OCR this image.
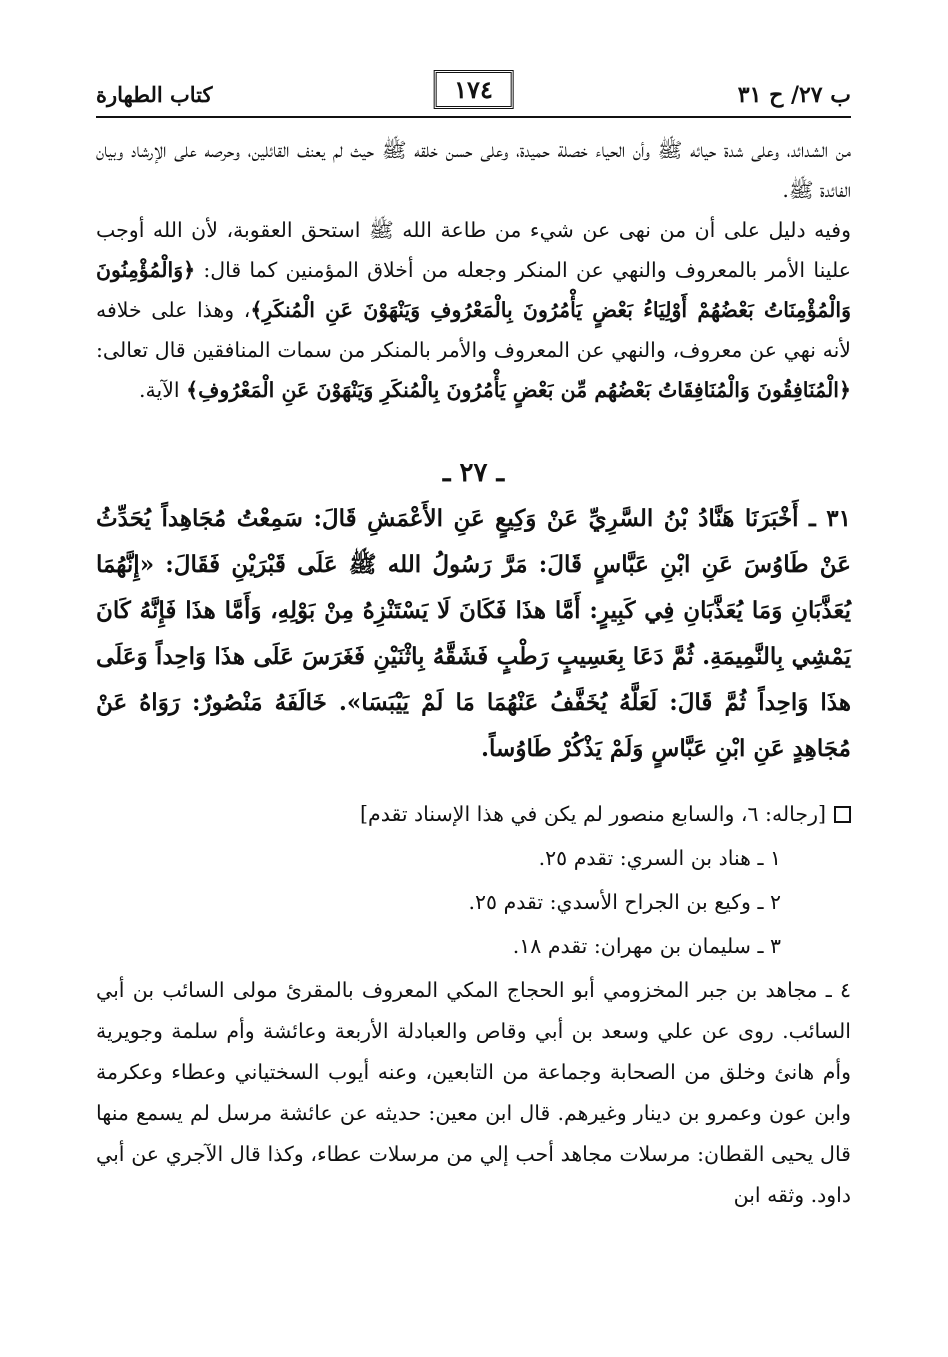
ب ٢٧/ ح ٣١
١٧٤
كتاب الطهارة

من الشدائد، وعلى شدة حيائه ﷺ وأن الحياء خصلة حميدة، وعلى حسن خلقه ﷺ حيث لم يعنف القائلين، وحرصه على الإرشاد وبيان الفائدة ﷺ.

وفيه دليل على أن من نهى عن شيء من طاعة الله ﷺ استحق العقوبة، لأن الله أوجب علينا الأمر بالمعروف والنهي عن المنكر وجعله من أخلاق المؤمنين كما قال: ﴿وَالْمُؤْمِنُونَ وَالْمُؤْمِنَاتُ بَعْضُهُمْ أَوْلِيَاءُ بَعْضٍ يَأْمُرُونَ بِالْمَعْرُوفِ وَيَنْهَوْنَ عَنِ الْمُنكَرِ﴾، وهذا على خلافه لأنه نهي عن معروف، والنهي عن المعروف والأمر بالمنكر من سمات المنافقين قال تعالى: ﴿الْمُنَافِقُونَ وَالْمُنَافِقَاتُ بَعْضُهُم مِّن بَعْضٍ يَأْمُرُونَ بِالْمُنكَرِ وَيَنْهَوْنَ عَنِ الْمَعْرُوفِ﴾ الآية.

ـ ٢٧ ـ

٣١ ـ أَخْبَرَنَا هَنَّادُ بْنُ السَّرِيِّ عَنْ وَكِيعٍ عَنِ الأَعْمَشِ قَالَ: سَمِعْتُ مُجَاهِداً يُحَدِّثُ عَنْ طَاوُسَ عَنِ ابْنِ عَبَّاسٍ قَالَ: مَرَّ رَسُولُ الله ﷺ عَلَى قَبْرَيْنِ فَقَالَ: «إِنَّهُمَا يُعَذَّبَانِ وَمَا يُعَذَّبَانِ فِي كَبِيرٍ: أَمَّا هذَا فَكَانَ لَا يَسْتَنْزِهُ مِنْ بَوْلِهِ، وَأَمَّا هذَا فَإِنَّهُ كَانَ يَمْشِي بِالنَّمِيمَةِ. ثُمَّ دَعَا بِعَسِيبٍ رَطْبٍ فَشَقَّهُ بِاثْنَيْنِ فَغَرَسَ عَلَى هذَا وَاحِداً وَعَلَى هذَا وَاحِداً ثُمَّ قَالَ: لَعَلَّهُ يُخَفَّفُ عَنْهُمَا مَا لَمْ يَيْبَسَا». خَالَفَهُ مَنْصُورٌ: رَوَاهُ عَنْ مُجَاهِدٍ عَنِ ابْنِ عَبَّاسٍ وَلَمْ يَذْكُرْ طَاوُساً.

[رجاله: ٦، والسابع منصور لم يكن في هذا الإسناد تقدم]
١ ـ هناد بن السري: تقدم ٢٥.
٢ ـ وكيع بن الجراح الأسدي: تقدم ٢٥.
٣ ـ سليمان بن مهران: تقدم ١٨.

٤ ـ مجاهد بن جبر المخزومي أبو الحجاج المكي المعروف بالمقرئ مولى السائب بن أبي السائب. روى عن علي وسعد بن أبي وقاص والعبادلة الأربعة وعائشة وأم سلمة وجويرية وأم هانئ وخلق من الصحابة وجماعة من التابعين، وعنه أيوب السختياني وعطاء وعكرمة وابن عون وعمرو بن دينار وغيرهم. قال ابن معين: حديثه عن عائشة مرسل لم يسمع منها قال يحيى القطان: مرسلات مجاهد أحب إلي من مرسلات عطاء، وكذا قال الآجري عن أبي داود. وثقه ابن
